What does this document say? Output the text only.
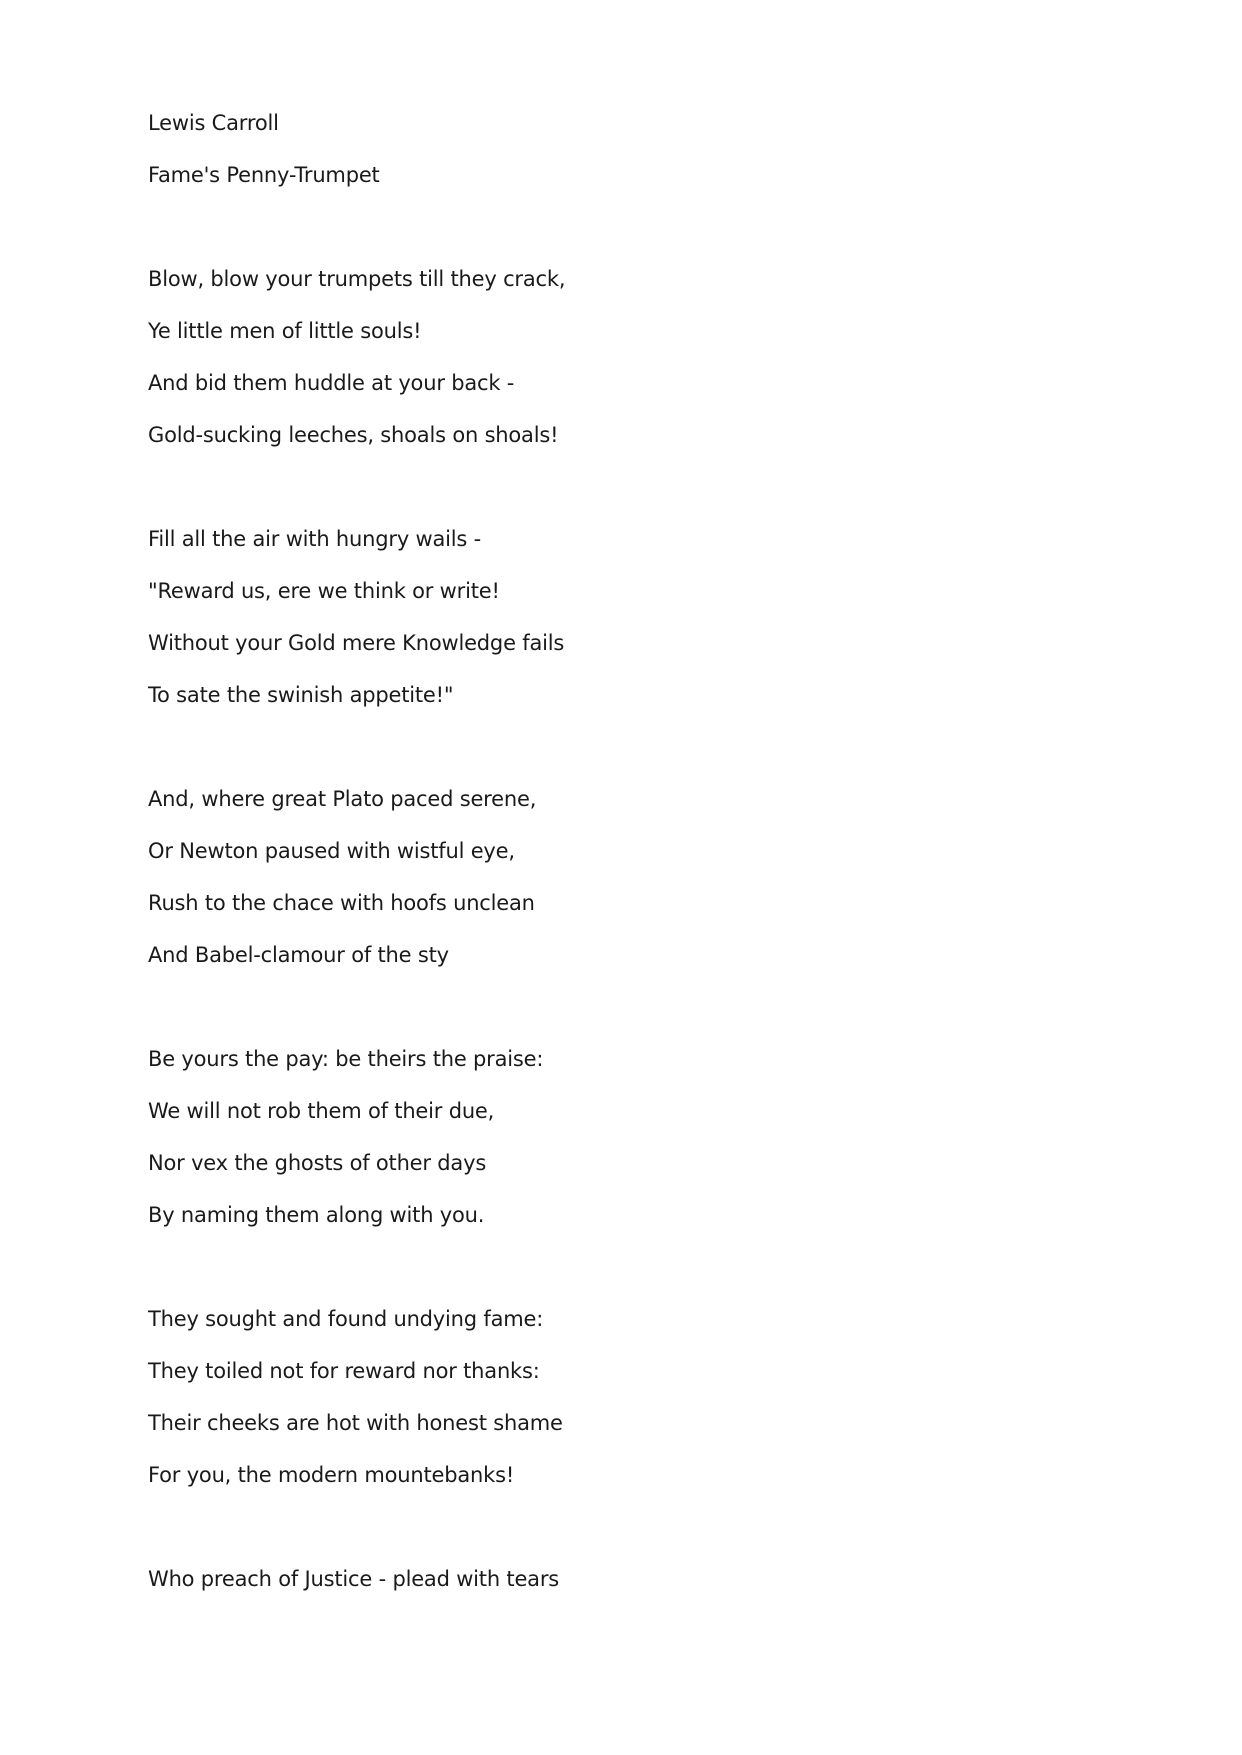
Lewis Carroll
Fame's Penny-Trumpet
Blow, blow your trumpets till they crack,
Ye little men of little souls!
And bid them huddle at your back -
Gold-sucking leeches, shoals on shoals!
Fill all the air with hungry wails -
"Reward us, ere we think or write!
Without your Gold mere Knowledge fails
To sate the swinish appetite!"
And, where great Plato paced serene,
Or Newton paused with wistful eye,
Rush to the chace with hoofs unclean
And Babel-clamour of the sty
Be yours the pay: be theirs the praise:
We will not rob them of their due,
Nor vex the ghosts of other days
By naming them along with you.
They sought and found undying fame:
They toiled not for reward nor thanks:
Their cheeks are hot with honest shame
For you, the modern mountebanks!
Who preach of Justice - plead with tears
